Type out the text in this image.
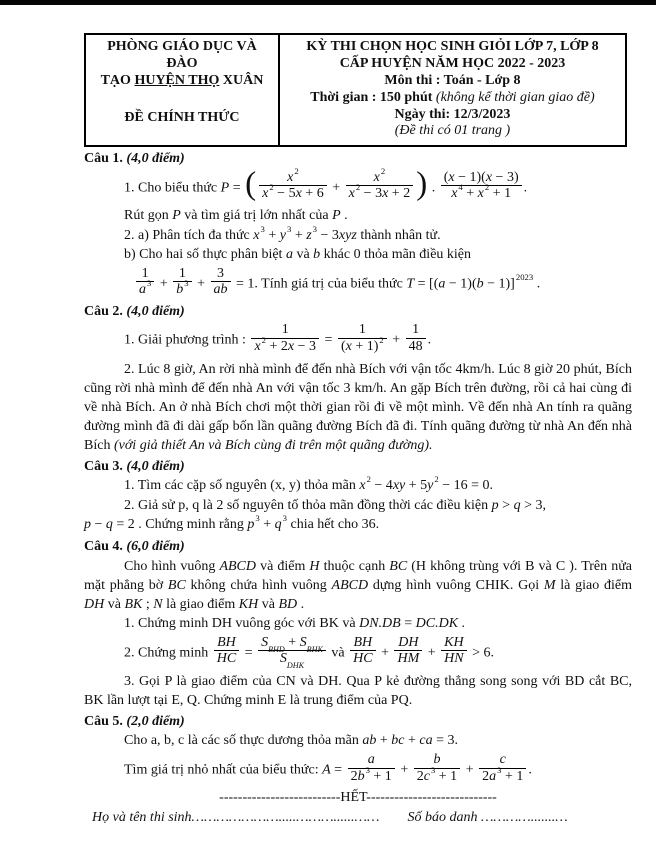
PHÒNG GIÁO DỤC VÀ ĐÀO
TẠO HUYỆN THỌ XUÂN
ĐỀ CHÍNH THỨC

KỲ THI CHỌN HỌC SINH GIỎI LỚP 7, LỚP 8
CẤP HUYỆN NĂM HỌC 2022 - 2023
Môn thi : Toán - Lớp 8
Thời gian : 150 phút (không kể thời gian giao đề)
Ngày thi: 12/3/2023
(Đề thi có 01 trang )
Câu 1. (4,0 điểm)
1. Cho biểu thức P = ( $\frac{x^2}{x^2 - 5x + 6} + \frac{x^2}{x^2 - 3x + 2}$ ) . $\frac{(x - 1)(x - 3)}{x^4 + x^2 + 1}$ .
Rút gọn P và tìm giá trị lớn nhất của P .
2. a) Phân tích đa thức $x^3 + y^3 + z^3 - 3xyz$ thành nhân tử.
b) Cho hai số thực phân biệt a và b khác 0 thỏa mãn điều kiện
$\frac{1}{a^3} + \frac{1}{b^3} + \frac{3}{ab} = 1$. Tính giá trị của biểu thức $T = [(a - 1)(b - 1)]^{2023}$ .
Câu 2. (4,0 điểm)
1. Giải phương trình : $\frac{1}{x^2 + 2x - 3} = \frac{1}{(x + 1)^2} + \frac{1}{48}$ .

2. Lúc 8 giờ, An rời nhà mình để đến nhà Bích với vận tốc 4km/h. Lúc 8 giờ 20 phút, Bích cũng rời nhà mình để đến nhà An với vận tốc 3 km/h. An gặp Bích trên đường, rồi cả hai cùng đi về nhà Bích. An ở nhà Bích chơi một thời gian rồi đi về một mình. Về đến nhà An tính ra quãng đường mình đã đi dài gấp bốn lần quãng đường Bích đã đi. Tính quãng đường từ nhà An đến nhà Bích (với giả thiết An và Bích cùng đi trên một quãng đường).

Câu 3. (4,0 điểm)
1. Tìm các cặp số nguyên (x, y) thỏa mãn $x^2 - 4xy + 5y^2 - 16 = 0$.
2. Giả sử p, q là 2 số nguyên tố thỏa mãn đồng thời các điều kiện p > q > 3,
p − q = 2 . Chứng minh rằng $p^3 + q^3$ chia hết cho 36.
Câu 4. (6,0 điểm)

Cho hình vuông ABCD và điểm H thuộc cạnh BC (H không trùng với B và C ). Trên nửa mặt phẳng bờ BC không chứa hình vuông ABCD dựng hình vuông CHIK. Gọi M là giao điểm DH và BK ; N là giao điểm KH và BD .

1. Chứng minh DH vuông góc với BK và DN.DB = DC.DK .
2. Chứng minh $\frac{BH}{HC} = \frac{S_{BHD} + S_{BHK}}{S_{DHK}}$ và $\frac{BH}{HC} + \frac{DH}{HM} + \frac{KH}{HN} > 6$.

3. Gọi P là giao điểm của CN và DH. Qua P kẻ đường thẳng song song với BD cắt BC, BK lần lượt tại E, Q. Chứng minh E là trung điểm của PQ.

Câu 5. (2,0 điểm)
Cho a, b, c là các số thực dương thỏa mãn ab + bc + ca = 3.
Tìm giá trị nhỏ nhất của biểu thức: $A = \frac{a}{2b^3 + 1} + \frac{b}{2c^3 + 1} + \frac{c}{2a^3 + 1}$ .
--------------------------HẾT----------------------------
Họ và tên thi sinh………………….....………......…… Số báo danh ………….......…
